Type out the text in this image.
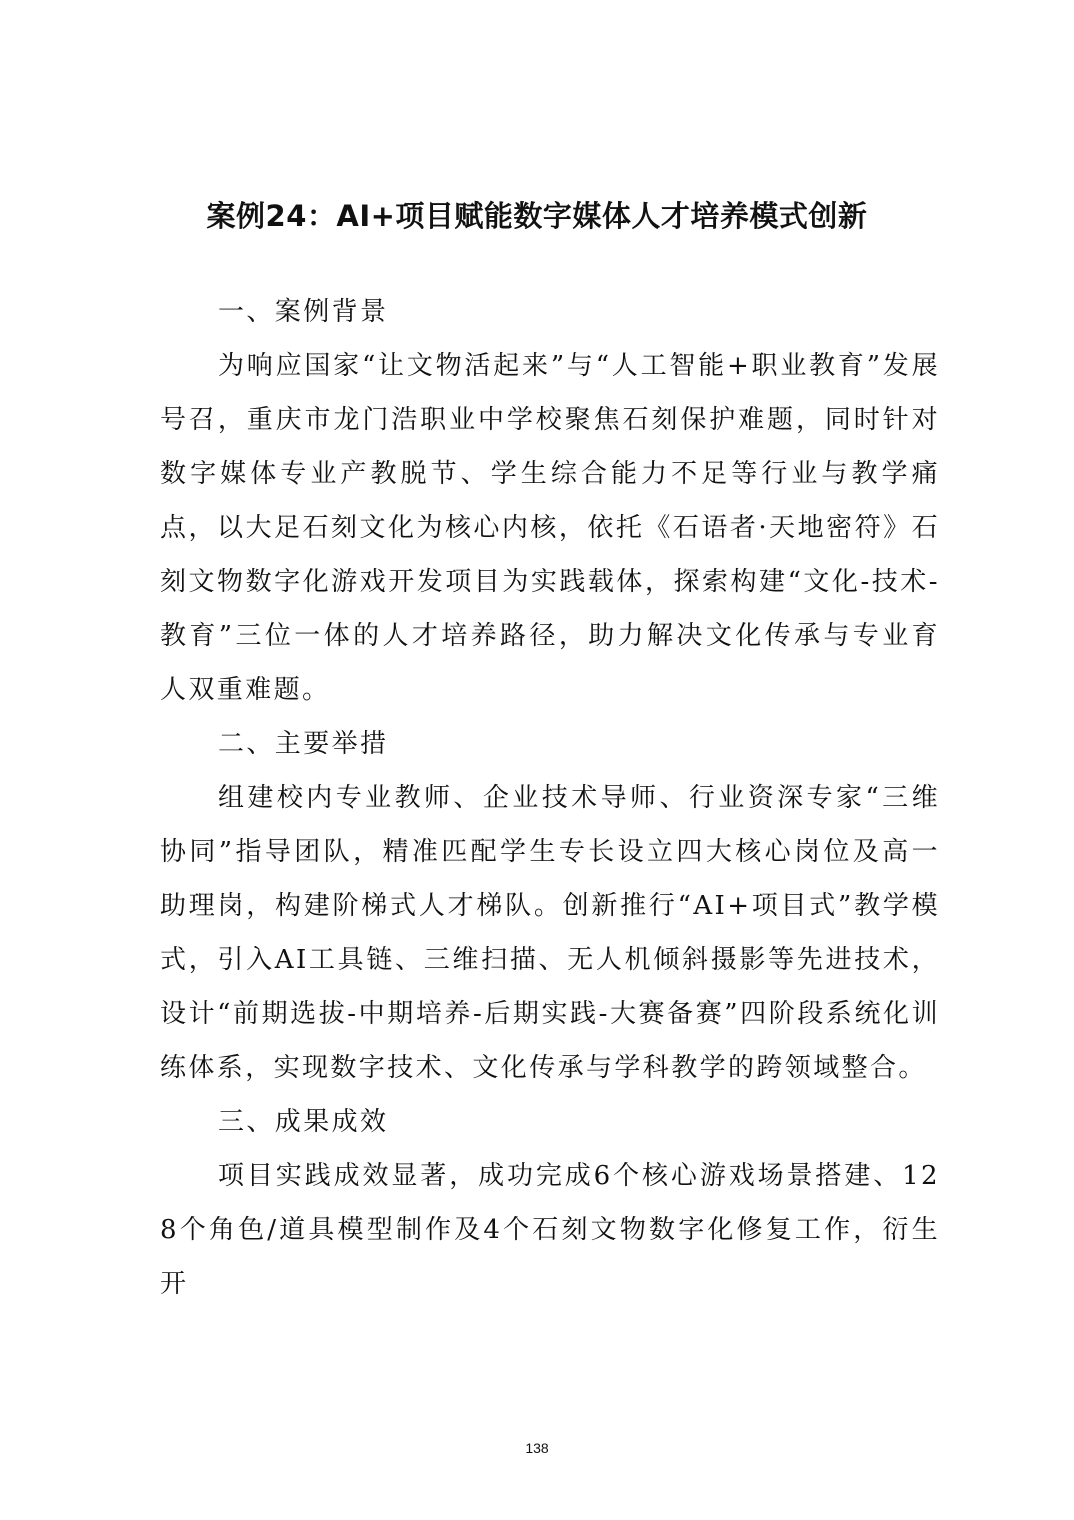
案例24：AI+项目赋能数字媒体人才培养模式创新

一、案例背景

为响应国家“让文物活起来”与“人工智能+职业教育”发展号召，重庆市龙门浩职业中学校聚焦石刻保护难题，同时针对数字媒体专业产教脱节、学生综合能力不足等行业与教学痛点，以大足石刻文化为核心内核，依托《石语者·天地密符》石刻文物数字化游戏开发项目为实践载体，探索构建“文化-技术-教育”三位一体的人才培养路径，助力解决文化传承与专业育人双重难题。

二、主要举措

组建校内专业教师、企业技术导师、行业资深专家“三维协同”指导团队，精准匹配学生专长设立四大核心岗位及高一助理岗，构建阶梯式人才梯队。创新推行“AI+项目式”教学模式，引入AI工具链、三维扫描、无人机倾斜摄影等先进技术，设计“前期选拔-中期培养-后期实践-大赛备赛”四阶段系统化训练体系，实现数字技术、文化传承与学科教学的跨领域整合。

三、成果成效

项目实践成效显著，成功完成6个核心游戏场景搭建、128个角色/道具模型制作及4个石刻文物数字化修复工作，衍生开

138
